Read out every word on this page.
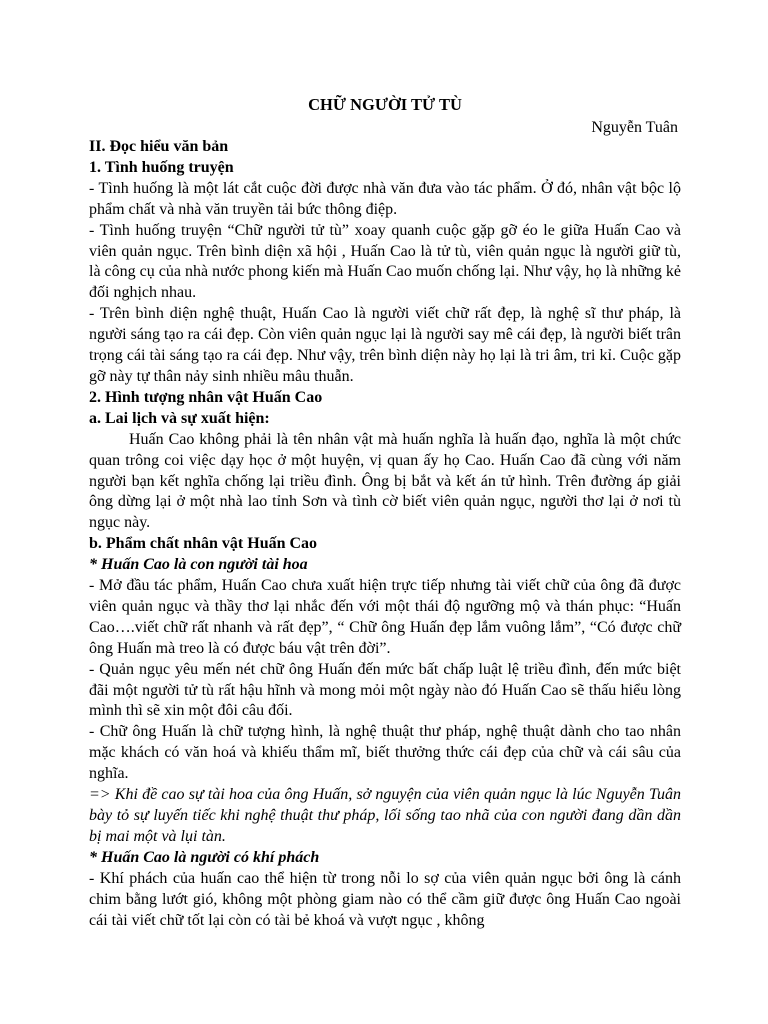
CHỮ NGƯỜI TỬ TÙ

Nguyễn Tuân

II. Đọc hiểu văn bản

1. Tình huống truyện

- Tình huống là một lát cắt cuộc đời được nhà văn đưa vào tác phẩm. Ở đó, nhân vật bộc lộ phẩm chất và nhà văn truyền tải bức thông điệp.

- Tình huống truyện “Chữ người tử tù” xoay quanh cuộc gặp gỡ éo le giữa Huấn Cao và viên quản ngục. Trên bình diện xã hội , Huấn Cao là tử tù, viên quản ngục là người giữ tù, là công cụ của nhà nước phong kiến mà Huấn Cao muốn chống lại. Như vậy, họ là những kẻ đối nghịch nhau.

- Trên bình diện nghệ thuật, Huấn Cao là người viết chữ rất đẹp, là nghệ sĩ thư pháp, là người sáng tạo ra cái đẹp. Còn viên quản ngục lại là người say mê cái đẹp, là người biết trân trọng cái tài sáng tạo ra cái đẹp. Như vậy, trên bình diện này họ lại là tri âm, tri kỉ. Cuộc gặp gỡ này tự thân nảy sinh nhiều mâu thuẫn.

2. Hình tượng nhân vật Huấn Cao

a. Lai lịch và sự xuất hiện:

Huấn Cao không phải là tên nhân vật mà huấn nghĩa là huấn đạo, nghĩa là một chức quan trông coi việc dạy học ở một huyện, vị quan ấy họ Cao. Huấn Cao đã cùng với năm người bạn kết nghĩa chống lại triều đình. Ông bị bắt và kết án tử hình. Trên đường áp giải ông dừng lại ở một nhà lao tỉnh Sơn và tình cờ biết viên quản ngục, người thơ lại ở nơi tù ngục này.

b. Phẩm chất nhân vật Huấn Cao

* Huấn Cao là con người tài hoa

- Mở đầu tác phẩm, Huấn Cao chưa xuất hiện trực tiếp nhưng tài viết chữ của ông đã được viên quản ngục và thầy thơ lại nhắc đến với một thái độ ngưỡng mộ và thán phục: “Huấn Cao….viết chữ rất nhanh và rất đẹp”, “ Chữ ông Huấn đẹp lắm vuông lắm”, “Có được chữ ông Huấn mà treo là có được báu vật trên đời”.

- Quản ngục yêu mến nét chữ ông Huấn đến mức bất chấp luật lệ triều đình, đến mức biệt đãi một người tử tù rất hậu hĩnh và mong mỏi một ngày nào đó Huấn Cao sẽ thấu hiểu lòng mình thì sẽ xin một đôi câu đối.

- Chữ ông Huấn là chữ tượng hình, là nghệ thuật thư pháp, nghệ thuật dành cho tao nhân mặc khách có văn hoá và khiếu thẩm mĩ, biết thưởng thức cái đẹp của chữ và cái sâu của nghĩa.

=> Khi đề cao sự tài hoa của ông Huấn, sở nguyện của viên quản ngục là lúc Nguyễn Tuân bày tỏ sự luyến tiếc khi nghệ thuật thư pháp, lối sống tao nhã của con người đang dần dần bị mai một và lụi tàn.

* Huấn Cao là người có khí phách

- Khí phách của huấn cao thể hiện từ trong nỗi lo sợ của viên quản ngục bởi ông là cánh chim bằng lướt gió, không một phòng giam nào có thể cầm giữ được ông Huấn Cao ngoài cái tài viết chữ tốt lại còn có tài bẻ khoá và vượt ngục , không
